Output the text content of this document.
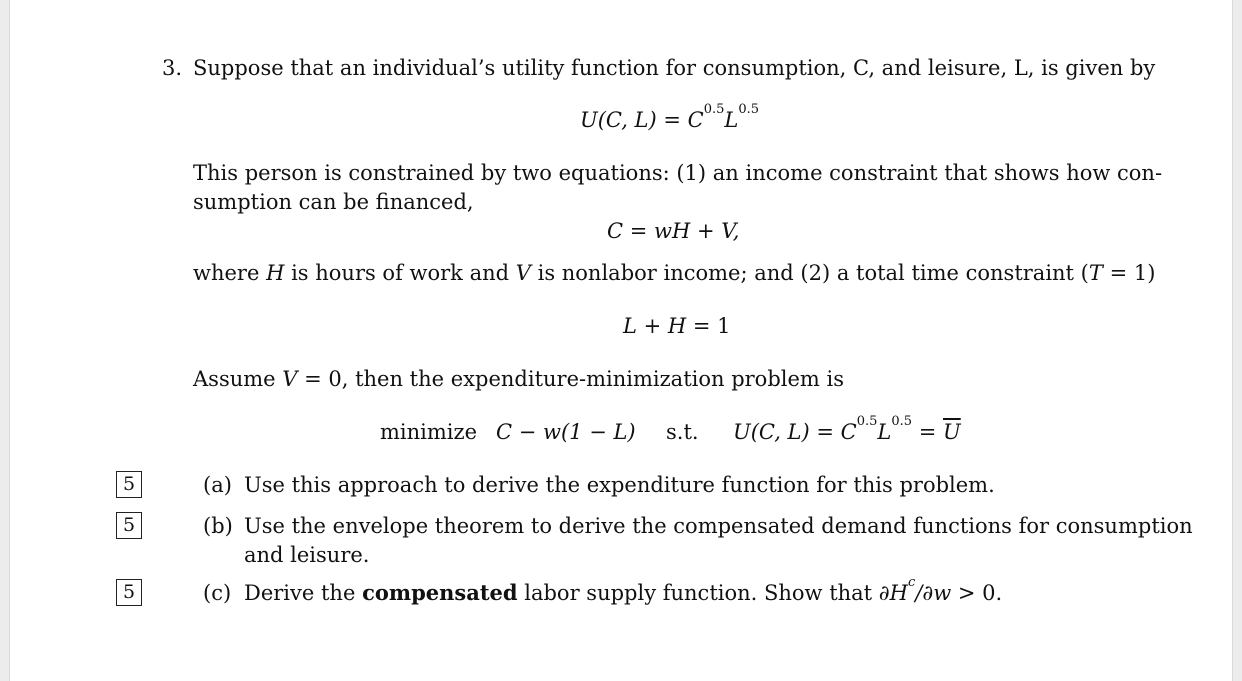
3. Suppose that an individual’s utility function for consumption, C, and leisure, L, is given by
U(C, $L) = C^{0.5}L^{0.5}$
This person is constrained by two equations: (1) an income constraint that shows how con-
sumption can be financed,
C = wH + V,
where H is hours of work and V is nonlabor income; and (2) a total time constraint (T = 1)
L + H = 1
Assume V = 0, then the expenditure-minimization problem is
minimize C − w(1 − L) s.t. U(C, $L) = C^{0.5}L^{0.5} = \overline{U}$
5	(a) Use this approach to derive the expenditure function for this problem.
5	(b) Use the envelope theorem to derive the compensated demand functions for consumption
and leisure.
5	(c) Derive the compensated labor supply function. Show that $\partial H^c/\partial w > 0$.
